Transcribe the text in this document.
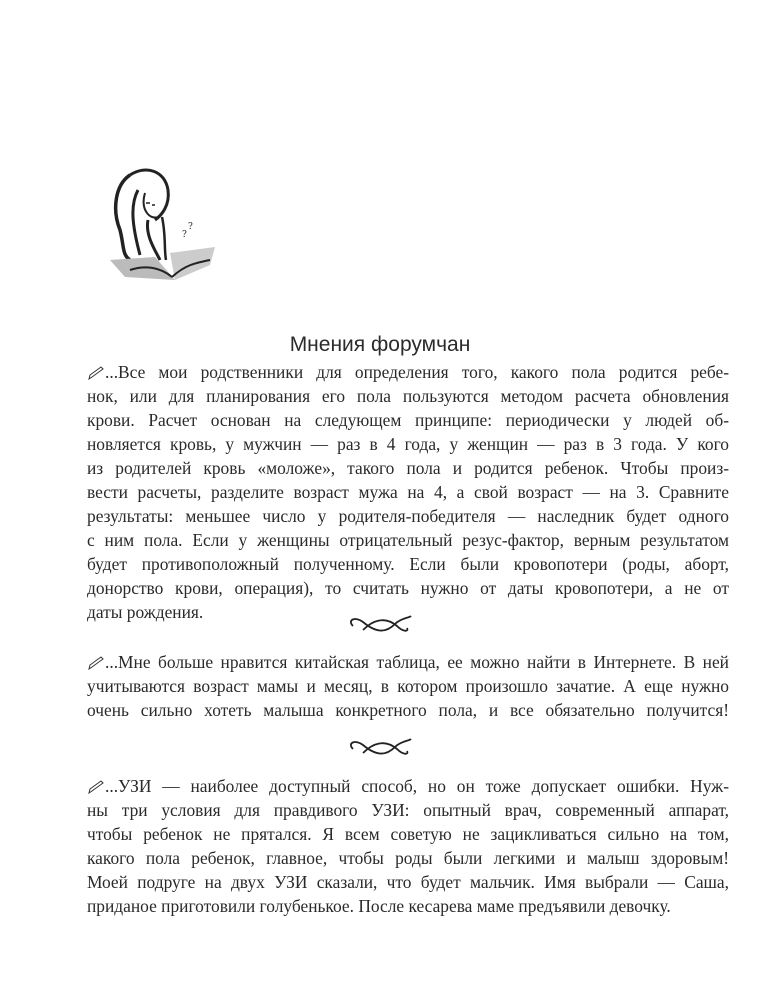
?
?
Мнения форумчан
...Все мои родственники для определения того, какого пола родится ребе-
нок, или для планирования его пола пользуются методом расчета обновления
крови. Расчет основан на следующем принципе: периодически у людей об-
новляется кровь, у мужчин — раз в 4 года, у женщин — раз в 3 года. У кого
из родителей кровь «моложе», такого пола и родится ребенок. Чтобы произ-
вести расчеты, разделите возраст мужа на 4, а свой возраст — на 3. Сравните
результаты: меньшее число у родителя-победителя — наследник будет одного
с ним пола. Если у женщины отрицательный резус-фактор, верным результатом
будет противоположный полученному. Если были кровопотери (роды, аборт,
донорство крови, операция), то считать нужно от даты кровопотери, а не от
даты рождения.
...Мне больше нравится китайская таблица, ее можно найти в Интернете. В ней
учитываются возраст мамы и месяц, в котором произошло зачатие. А еще нужно
очень сильно хотеть малыша конкретного пола, и все обязательно получится!
...УЗИ — наиболее доступный способ, но он тоже допускает ошибки. Нуж-
ны три условия для правдивого УЗИ: опытный врач, современный аппарат,
чтобы ребенок не прятался. Я всем советую не зацикливаться сильно на том,
какого пола ребенок, главное, чтобы роды были легкими и малыш здоровым!
Моей подруге на двух УЗИ сказали, что будет мальчик. Имя выбрали — Саша,
приданое приготовили голубенькое. После кесарева маме предъявили девочку.
